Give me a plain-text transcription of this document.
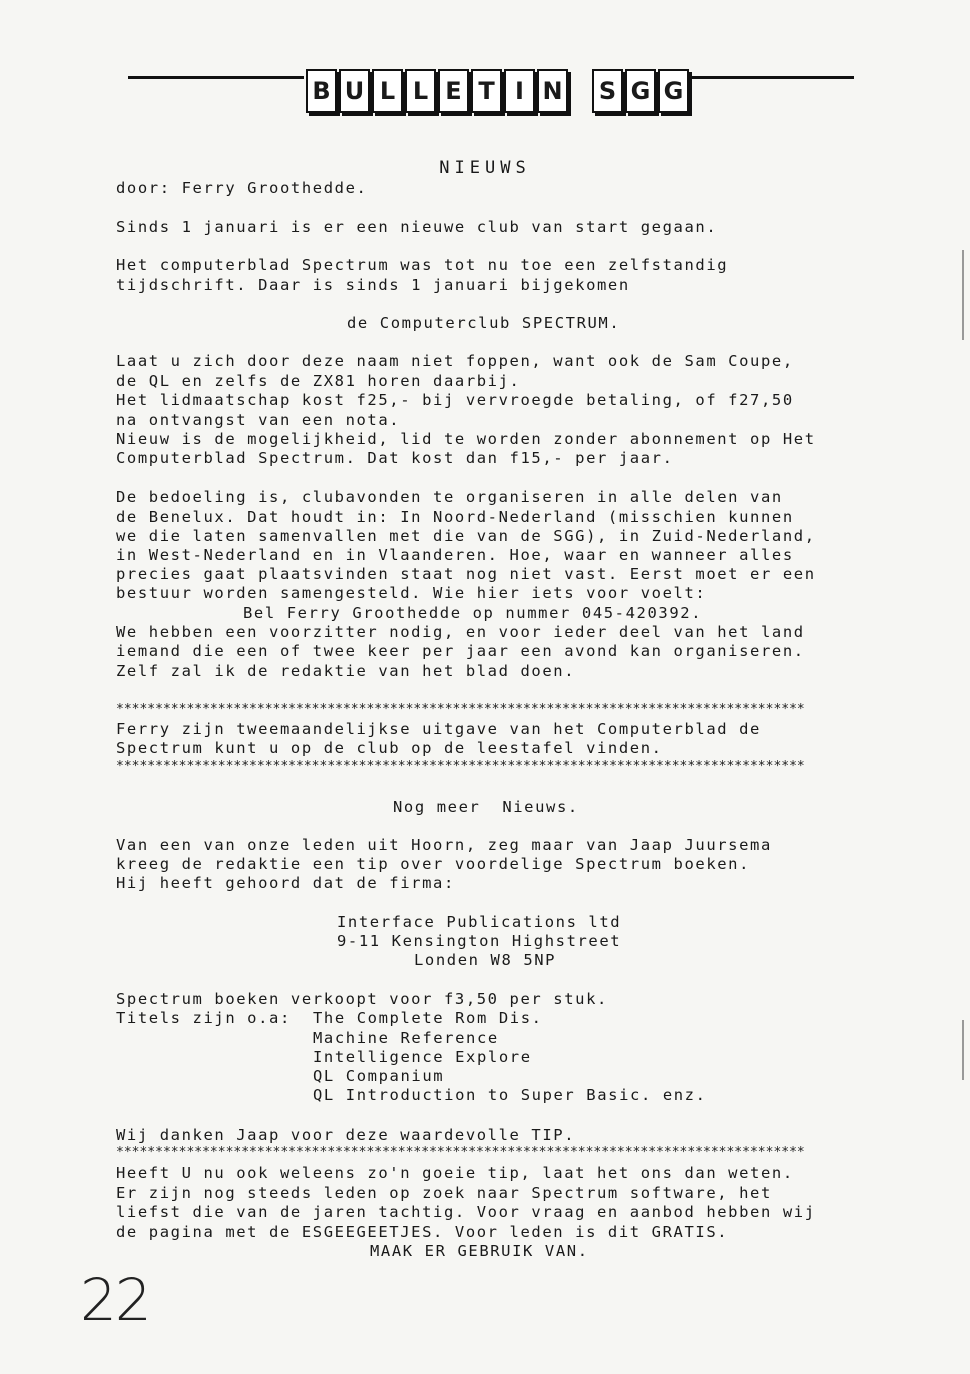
B U L L E T I N S G G
NIEUWS
door: Ferry Groothedde.
Sinds 1 januari is er een nieuwe club van start gegaan.
Het computerblad Spectrum was tot nu toe een zelfstandig
tijdschrift. Daar is sinds 1 januari bijgekomen
de Computerclub SPECTRUM.
Laat u zich door deze naam niet foppen, want ook de Sam Coupe,
de QL en zelfs de ZX81 horen daarbij.
Het lidmaatschap kost f25,- bij vervroegde betaling, of f27,50
na ontvangst van een nota.
Nieuw is de mogelijkheid, lid te worden zonder abonnement op Het
Computerblad Spectrum. Dat kost dan f15,- per jaar.
De bedoeling is, clubavonden te organiseren in alle delen van
de Benelux. Dat houdt in: In Noord-Nederland (misschien kunnen
we die laten samenvallen met die van de SGG), in Zuid-Nederland,
in West-Nederland en in Vlaanderen. Hoe, waar en wanneer alles
precies gaat plaatsvinden staat nog niet vast. Eerst moet er een
bestuur worden samengesteld. Wie hier iets voor voelt:
Bel Ferry Groothedde op nummer 045-420392.
We hebben een voorzitter nodig, en voor ieder deel van het land
iemand die een of twee keer per jaar een avond kan organiseren.
Zelf zal ik de redaktie van het blad doen.
****************************************************************************************
Ferry zijn tweemaandelijkse uitgave van het Computerblad de
Spectrum kunt u op de club op de leestafel vinden.
****************************************************************************************
Nog meer  Nieuws.
Van een van onze leden uit Hoorn, zeg maar van Jaap Juursema
kreeg de redaktie een tip over voordelige Spectrum boeken.
Hij heeft gehoord dat de firma:
Interface Publications ltd
9-11 Kensington Highstreet
Londen W8 5NP
Spectrum boeken verkoopt voor f3,50 per stuk.
Titels zijn o.a: The Complete Rom Dis.
Machine Reference
Intelligence Explore
QL Companium
QL Introduction to Super Basic. enz.
Wij danken Jaap voor deze waardevolle TIP.
****************************************************************************************
Heeft U nu ook weleens zo'n goeie tip, laat het ons dan weten.
Er zijn nog steeds leden op zoek naar Spectrum software, het
liefst die van de jaren tachtig. Voor vraag en aanbod hebben wij
de pagina met de ESGEEGEETJES. Voor leden is dit GRATIS.
MAAK ER GEBRUIK VAN.
22
